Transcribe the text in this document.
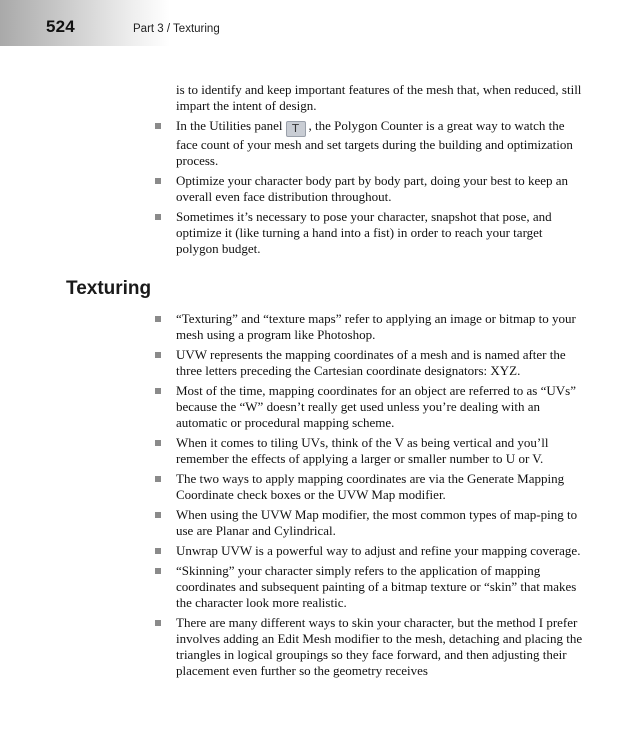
524	Part 3 / Texturing

is to identify and keep important features of the mesh that, when reduced, still impart the intent of design.

In the Utilities panel T , the Polygon Counter is a great way to watch the face count of your mesh and set targets during the building and optimization process.
Optimize your character body part by body part, doing your best to keep an overall even face distribution throughout.
Sometimes it’s necessary to pose your character, snapshot that pose, and optimize it (like turning a hand into a fist) in order to reach your target polygon budget.
Texturing
“Texturing” and “texture maps” refer to applying an image or bitmap to your mesh using a program like Photoshop.
UVW represents the mapping coordinates of a mesh and is named after the three letters preceding the Cartesian coordinate designators: XYZ.
Most of the time, mapping coordinates for an object are referred to as “UVs” because the “W” doesn’t really get used unless you’re dealing with an automatic or procedural mapping scheme.
When it comes to tiling UVs, think of the V as being vertical and you’ll remember the effects of applying a larger or smaller number to U or V.
The two ways to apply mapping coordinates are via the Generate Mapping Coordinate check boxes or the UVW Map modifier.
When using the UVW Map modifier, the most common types of map-ping to use are Planar and Cylindrical.
Unwrap UVW is a powerful way to adjust and refine your mapping coverage.
“Skinning” your character simply refers to the application of mapping coordinates and subsequent painting of a bitmap texture or “skin” that makes the character look more realistic.
There are many different ways to skin your character, but the method I prefer involves adding an Edit Mesh modifier to the mesh, detaching and placing the triangles in logical groupings so they face forward, and then adjusting their placement even further so the geometry receives
